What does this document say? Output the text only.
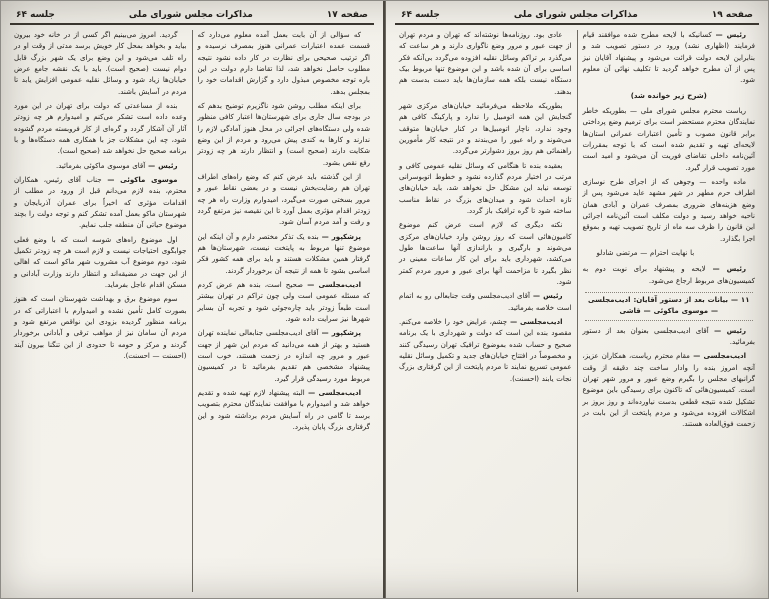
صفحه ۱۷
مذاکرات مجلس شورای ملی
جلسه ۶۴

که سؤالی از آن بابت بعمل آمده معلوم می‌دارد که قسمت عمده اعتبارات عمرانی هنوز بمصرف نرسیده و اگر ترتیب صحیحی برای نظارت در کار داده نشود نتیجه مطلوب حاصل نخواهد شد، لذا تقاضا دارم دولت در این باره توجه مخصوص مبذول دارد و گزارش اقدامات خود را بمجلس بدهد.

برای اینکه مطلب روشن شود ناگزیرم توضیح بدهم که در بودجه سال جاری برای شهرستان‌ها اعتبار کافی منظور شده ولی دستگاه‌های اجرائی در محل هنوز آمادگی لازم را ندارند و کارها به کندی پیش می‌رود و مردم از این وضع شکایت دارند (صحیح است) و انتظار دارند هر چه زودتر رفع نقص بشود.

از این گذشته باید عرض کنم که وضع راه‌های اطراف تهران هم رضایت‌بخش نیست و در بعضی نقاط عبور و مرور بسختی صورت می‌گیرد، امیدوارم وزارت راه هر چه زودتر اقدام مؤثری بعمل آورد تا این نقیصه نیز مرتفع گردد و رفت و آمد مردم آسان شود.

پزشکپور — بنده یک تذکر مختصر دارم و آن اینکه این موضوع تنها مربوط به پایتخت نیست، شهرستان‌ها هم گرفتار همین مشکلات هستند و باید برای همه کشور فکر اساسی بشود تا همه از نتیجه آن برخوردار گردند.

ادیب‌مجلسی — صحیح است، بنده هم عرض کردم که مسئله عمومی است ولی چون تراکم در تهران بیشتر است طبعاً زودتر باید چاره‌جوئی شود و تجربه آن بسایر شهرها نیز سرایت داده شود.

پزشکپور — آقای ادیب‌مجلسی جنابعالی نماینده تهران هستید و بهتر از همه می‌دانید که مردم این شهر از جهت عبور و مرور چه اندازه در زحمت هستند، خوب است پیشنهاد مشخصی هم تقدیم بفرمائید تا در کمیسیون مربوط مورد رسیدگی قرار گیرد.

ادیب‌مجلسی — البته پیشنهاد لازم تهیه شده و تقدیم خواهد شد و امیدوارم با موافقت نمایندگان محترم بتصویب برسد تا گامی در راه آسایش مردم برداشته شود و این گرفتاری بزرگ پایان پذیرد.

گردید. امروز می‌بینیم اگر کسی از در خانه خود بیرون بیاید و بخواهد بمحل کار خویش برسد مدتی از وقت او در راه تلف می‌شود و این وضع برای یک شهر بزرگ قابل دوام نیست (صحیح است). باید با یک نقشه جامع عرض خیابان‌ها زیاد شود و وسائل نقلیه عمومی افزایش یابد تا مردم در آسایش باشند.

بنده از مساعدتی که دولت برای تهران در این مورد وعده داده است تشکر می‌کنم و امیدوارم هر چه زودتر آثار آن آشکار گردد و گره‌ای از کار فروبسته مردم گشوده شود، چه این مشکلات جز با همکاری همه دستگاه‌ها و با برنامه صحیح حل نخواهد شد (صحیح است).

رئیس — آقای موسوی ماکوئی بفرمائید.

موسوی ماکوئی — جناب آقای رئیس، همکاران محترم، بنده لازم می‌دانم قبل از ورود در مطلب از اقدامات مؤثری که اخیراً برای عمران آذربایجان و شهرستان ماکو بعمل آمده تشکر کنم و توجه دولت را بچند موضوع حیاتی آن منطقه جلب نمایم.

اول موضوع راه‌های شوسه است که با وضع فعلی جوابگوی احتیاجات نیست و لازم است هر چه زودتر تکمیل شود، دوم موضوع آب مشروب شهر ماکو است که اهالی از این جهت در مضیقه‌اند و انتظار دارند وزارت آبادانی و مسکن اقدام عاجل بفرماید.

سوم موضوع برق و بهداشت شهرستان است که هنوز بصورت کامل تأمین نشده و امیدوارم با اعتباراتی که در برنامه منظور گردیده بزودی این نواقص مرتفع شود و مردم آن سامان نیز از مواهب ترقی و آبادانی برخوردار گردند و مرکز و حومه تا حدودی از این تنگنا بیرون آیند (احسنت — احسنت).

صفحه ۱۹
مذاکرات مجلس شورای ملی
جلسه ۶۴

رئیس — کسانیکه با لایحه مطرح شده موافقند قیام فرمایند (اظهاری نشد) ورود در دستور تصویب شد و بنابراین لایحه دولت قرائت می‌شود و پیشنهاد آقایان نیز پس از آن مطرح خواهد گردید تا تکلیف نهائی آن معلوم شود.

(شرح زیر خوانده شد)

ریاست محترم مجلس شورای ملی — بطوریکه خاطر نمایندگان محترم مستحضر است برای ترمیم وضع پرداختی برابر قانون مصوب و تأمین اعتبارات عمرانی استان‌ها لایحه‌ای تهیه و تقدیم شده است که با توجه بمقررات آئین‌نامه داخلی تقاضای فوریت آن می‌شود و امید است مورد تصویب قرار گیرد.

ماده واحده — وجوهی که از اجرای طرح نوسازی اطراف حرم مطهر در شهر مشهد عاید می‌شود پس از وضع هزینه‌های ضروری بمصرف عمران و آبادی همان ناحیه خواهد رسید و دولت مکلف است آئین‌نامه اجرائی این قانون را ظرف سه ماه از تاریخ تصویب تهیه و بموقع اجرا بگذارد.

با نهایت احترام — مرتضی شادلو

رئیس — لایحه و پیشنهاد برای نوبت دوم به کمیسیون‌های مربوط ارجاع می‌شود.

۱۱ — بیانات بعد از دستور آقایان: ادیب‌مجلسی — موسوی ماکوئی — قاشی

رئیس — آقای ادیب‌مجلسی بعنوان بعد از دستور بفرمائید.

ادیب‌مجلسی — مقام محترم ریاست، همکاران عزیز، آنچه امروز بنده را وادار ساخت چند دقیقه از وقت گرانبهای مجلس را بگیرم وضع عبور و مرور شهر تهران است. کمیسیون‌هائی که تاکنون برای رسیدگی باین موضوع تشکیل شده نتیجه قطعی بدست نیاورده‌اند و روز بروز بر اشکالات افزوده می‌شود و مردم پایتخت از این بابت در زحمت فوق‌العاده هستند.

عادی بود. روزنامه‌ها نوشته‌اند که تهران و مردم تهران از جهت عبور و مرور وضع ناگواری دارند و هر ساعت که می‌گذرد بر تراکم وسائل نقلیه افزوده می‌گردد بی‌آنکه فکر اساسی برای آن شده باشد و این موضوع تنها مربوط بیک دستگاه نیست بلکه همه سازمان‌ها باید دست بدست هم بدهند.

بطوریکه ملاحظه می‌فرمائید خیابان‌های مرکزی شهر گنجایش این همه اتومبیل را ندارد و پارکینگ کافی هم وجود ندارد، ناچار اتومبیل‌ها در کنار خیابان‌ها متوقف می‌شوند و راه عبور را می‌بندند و در نتیجه کار مأمورین راهنمائی هم روز بروز دشوارتر می‌گردد.

بعقیده بنده تا هنگامی که وسائل نقلیه عمومی کافی و مرتب در اختیار مردم گذارده نشود و خطوط اتوبوسرانی توسعه نیابد این مشکل حل نخواهد شد، باید خیابان‌های تازه احداث شود و میدان‌های بزرگ در نقاط مناسب ساخته شود تا گره ترافیک باز گردد.

نکته دیگری که لازم است عرض کنم موضوع کامیون‌هائی است که روز روشن وارد خیابان‌های مرکزی می‌شوند و بارگیری و باراندازی آنها ساعت‌ها طول می‌کشد، شهرداری باید برای این کار ساعات معینی در نظر بگیرد تا مزاحمت آنها برای عبور و مرور مردم کمتر شود.

رئیس — آقای ادیب‌مجلسی وقت جنابعالی رو به اتمام است خلاصه بفرمائید.

ادیب‌مجلسی — چشم، عرایض خود را خلاصه می‌کنم. مقصود بنده این است که دولت و شهرداری با یک برنامه صحیح و حساب شده بموضوع ترافیک تهران رسیدگی کنند و مخصوصاً در افتتاح خیابان‌های جدید و تکمیل وسائل نقلیه عمومی تسریع نمایند تا مردم پایتخت از این گرفتاری بزرگ نجات یابند (احسنت).
